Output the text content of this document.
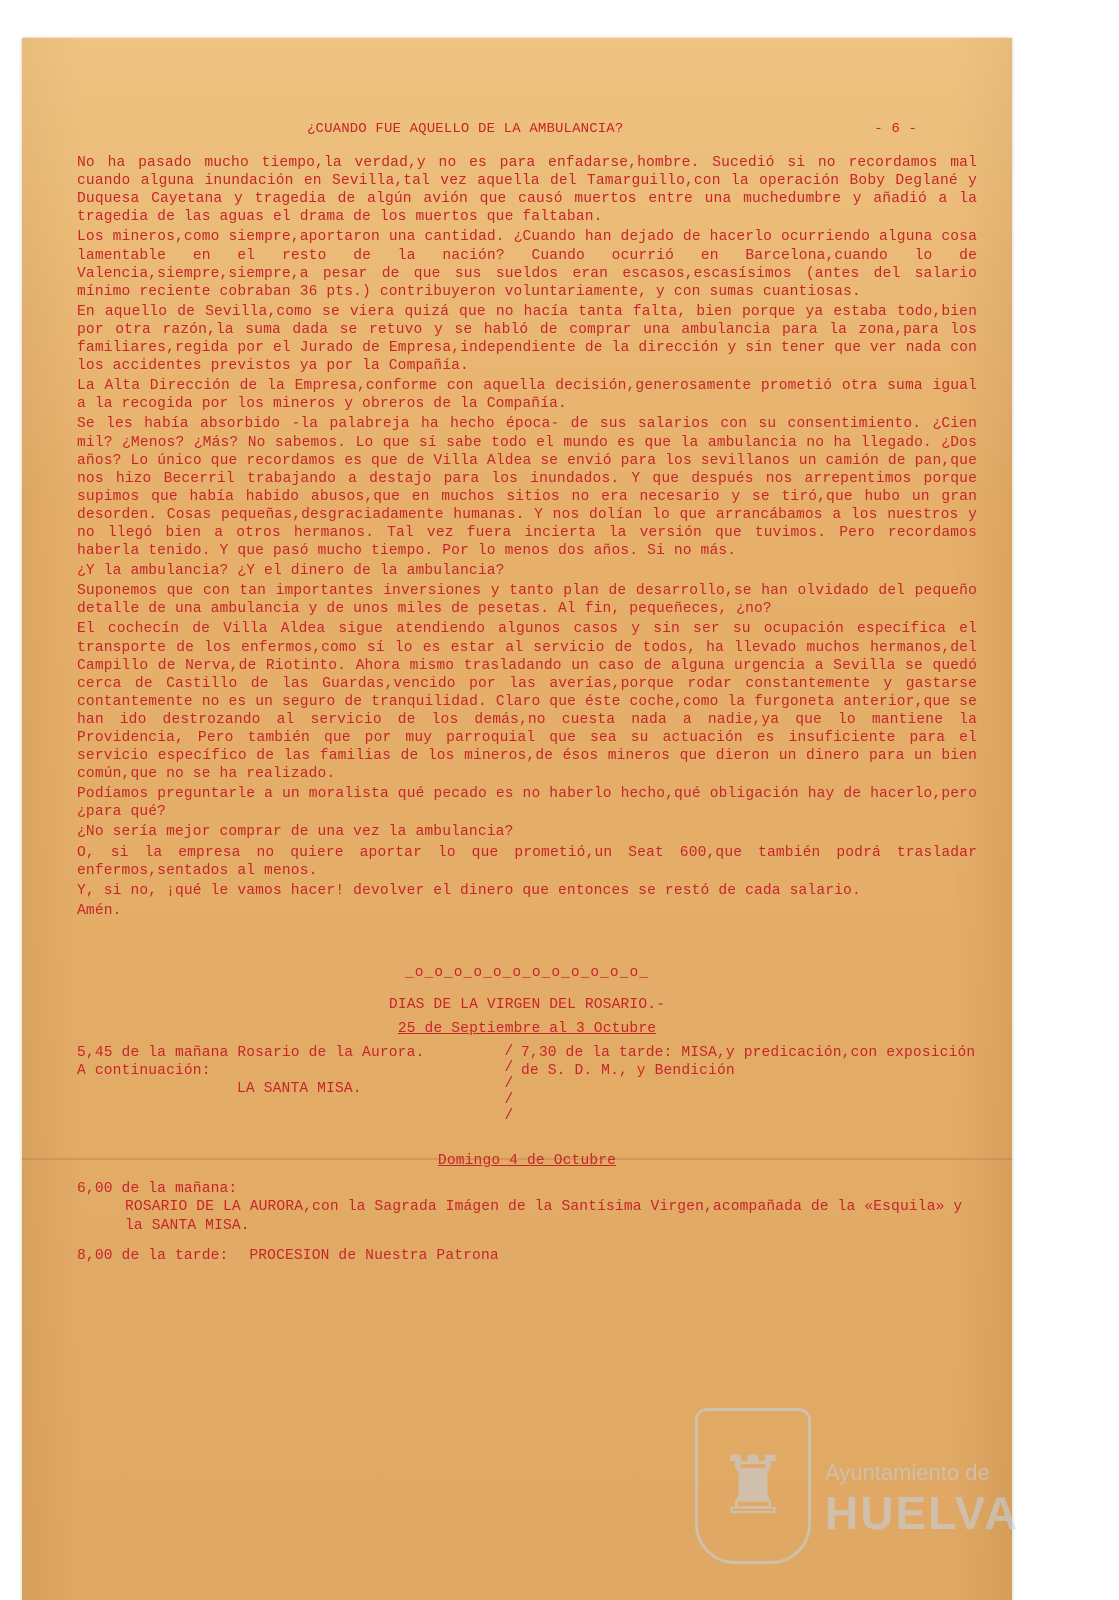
¿CUANDO FUE AQUELLO DE LA AMBULANCIA?	- 6 -

No ha pasado mucho tiempo,la verdad,y no es para enfadarse,hombre. Sucedió si no recordamos mal cuando alguna inundación en Sevilla,tal vez aquella del Tamarguillo,con la operación Boby Deglané y Duquesa Cayetana y tragedia de algún avión que causó muertos entre una muchedumbre y añadió a la tragedia de las aguas el drama de los muertos que faltaban.

Los mineros,como siempre,aportaron una cantidad. ¿Cuando han dejado de hacerlo ocurriendo alguna cosa lamentable en el resto de la nación? Cuando ocurrió en Barcelona,cuando lo de Valencia,siempre,siempre,a pesar de que sus sueldos eran escasos,escasísimos (antes del salario mínimo reciente cobraban 36 pts.) contribuyeron voluntariamente, y con sumas cuantiosas.

En aquello de Sevilla,como se viera quizá que no hacía tanta falta, bien porque ya estaba todo,bien por otra razón,la suma dada se retuvo y se habló de comprar una ambulancia para la zona,para los familiares,regida por el Jurado de Empresa,independiente de la dirección y sin tener que ver nada con los accidentes previstos ya por la Compañía.

La Alta Dirección de la Empresa,conforme con aquella decisión,generosamente prometió otra suma igual a la recogida por los mineros y obreros de la Compañía.

Se les había absorbido -la palabreja ha hecho época- de sus salarios con su consentimiento. ¿Cien mil? ¿Menos? ¿Más? No sabemos. Lo que sí sabe todo el mundo es que la ambulancia no ha llegado. ¿Dos años? Lo único que recordamos es que de Villa Aldea se envió para los sevillanos un camión de pan,que nos hizo Becerril trabajando a destajo para los inundados. Y que después nos arrepentimos porque supimos que había habido abusos,que en muchos sitios no era necesario y se tiró,que hubo un gran desorden. Cosas pequeñas,desgraciadamente humanas. Y nos dolían lo que arrancábamos a los nuestros y no llegó bien a otros hermanos. Tal vez fuera incierta la versión que tuvimos. Pero recordamos haberla tenido. Y que pasó mucho tiempo. Por lo menos dos años. Si no más.

¿Y la ambulancia? ¿Y el dinero de la ambulancia?

Suponemos que con tan importantes inversiones y tanto plan de desarrollo,se han olvidado del pequeño detalle de una ambulancia y de unos miles de pesetas. Al fin, pequeñeces, ¿no?

El cochecín de Villa Aldea sigue atendiendo algunos casos y sin ser su ocupación específica el transporte de los enfermos,como sí lo es estar al servicio de todos, ha llevado muchos hermanos,del Campillo de Nerva,de Riotinto. Ahora mismo trasladando un caso de alguna urgencia a Sevilla se quedó cerca de Castillo de las Guardas,vencido por las averías,porque rodar constantemente y gastarse contantemente no es un seguro de tranquilidad. Claro que éste coche,como la furgoneta anterior,que se han ido destrozando al servicio de los demás,no cuesta nada a nadie,ya que lo mantiene la Providencia, Pero también que por muy parroquial que sea su actuación es insuficiente para el servicio específico de las familias de los mineros,de ésos mineros que dieron un dinero para un bien común,que no se ha realizado.

Podíamos preguntarle a un moralista qué pecado es no haberlo hecho,qué obligación hay de hacerlo,pero ¿para qué?

¿No sería mejor comprar de una vez la ambulancia?

O, si la empresa no quiere aportar lo que prometió,un Seat 600,que también podrá trasladar enfermos,sentados al menos.

Y, si no, ¡qué le vamos hacer! devolver el dinero que entonces se restó de cada salario.

Amén.
_o_o_o_o_o_o_o_o_o_o_o_o_
DIAS DE LA VIRGEN DEL ROSARIO.-
25 de Septiembre al 3 Octubre
5,45 de la mañana Rosario de la Aurora.
A continuación:
LA SANTA MISA.
/ / / / /
7,30 de la tarde: MISA,y predicación,con exposición de S. D. M., y Bendición
Domingo 4 de Octubre
6,00 de la mañana:
ROSARIO DE LA AURORA,con la Sagrada Imágen de la Santísima Virgen,acompañada de la «Esquila» y la SANTA MISA.
8,00 de la tarde: PROCESION de Nuestra Patrona
♜	Ayuntamiento de
HUELVA
